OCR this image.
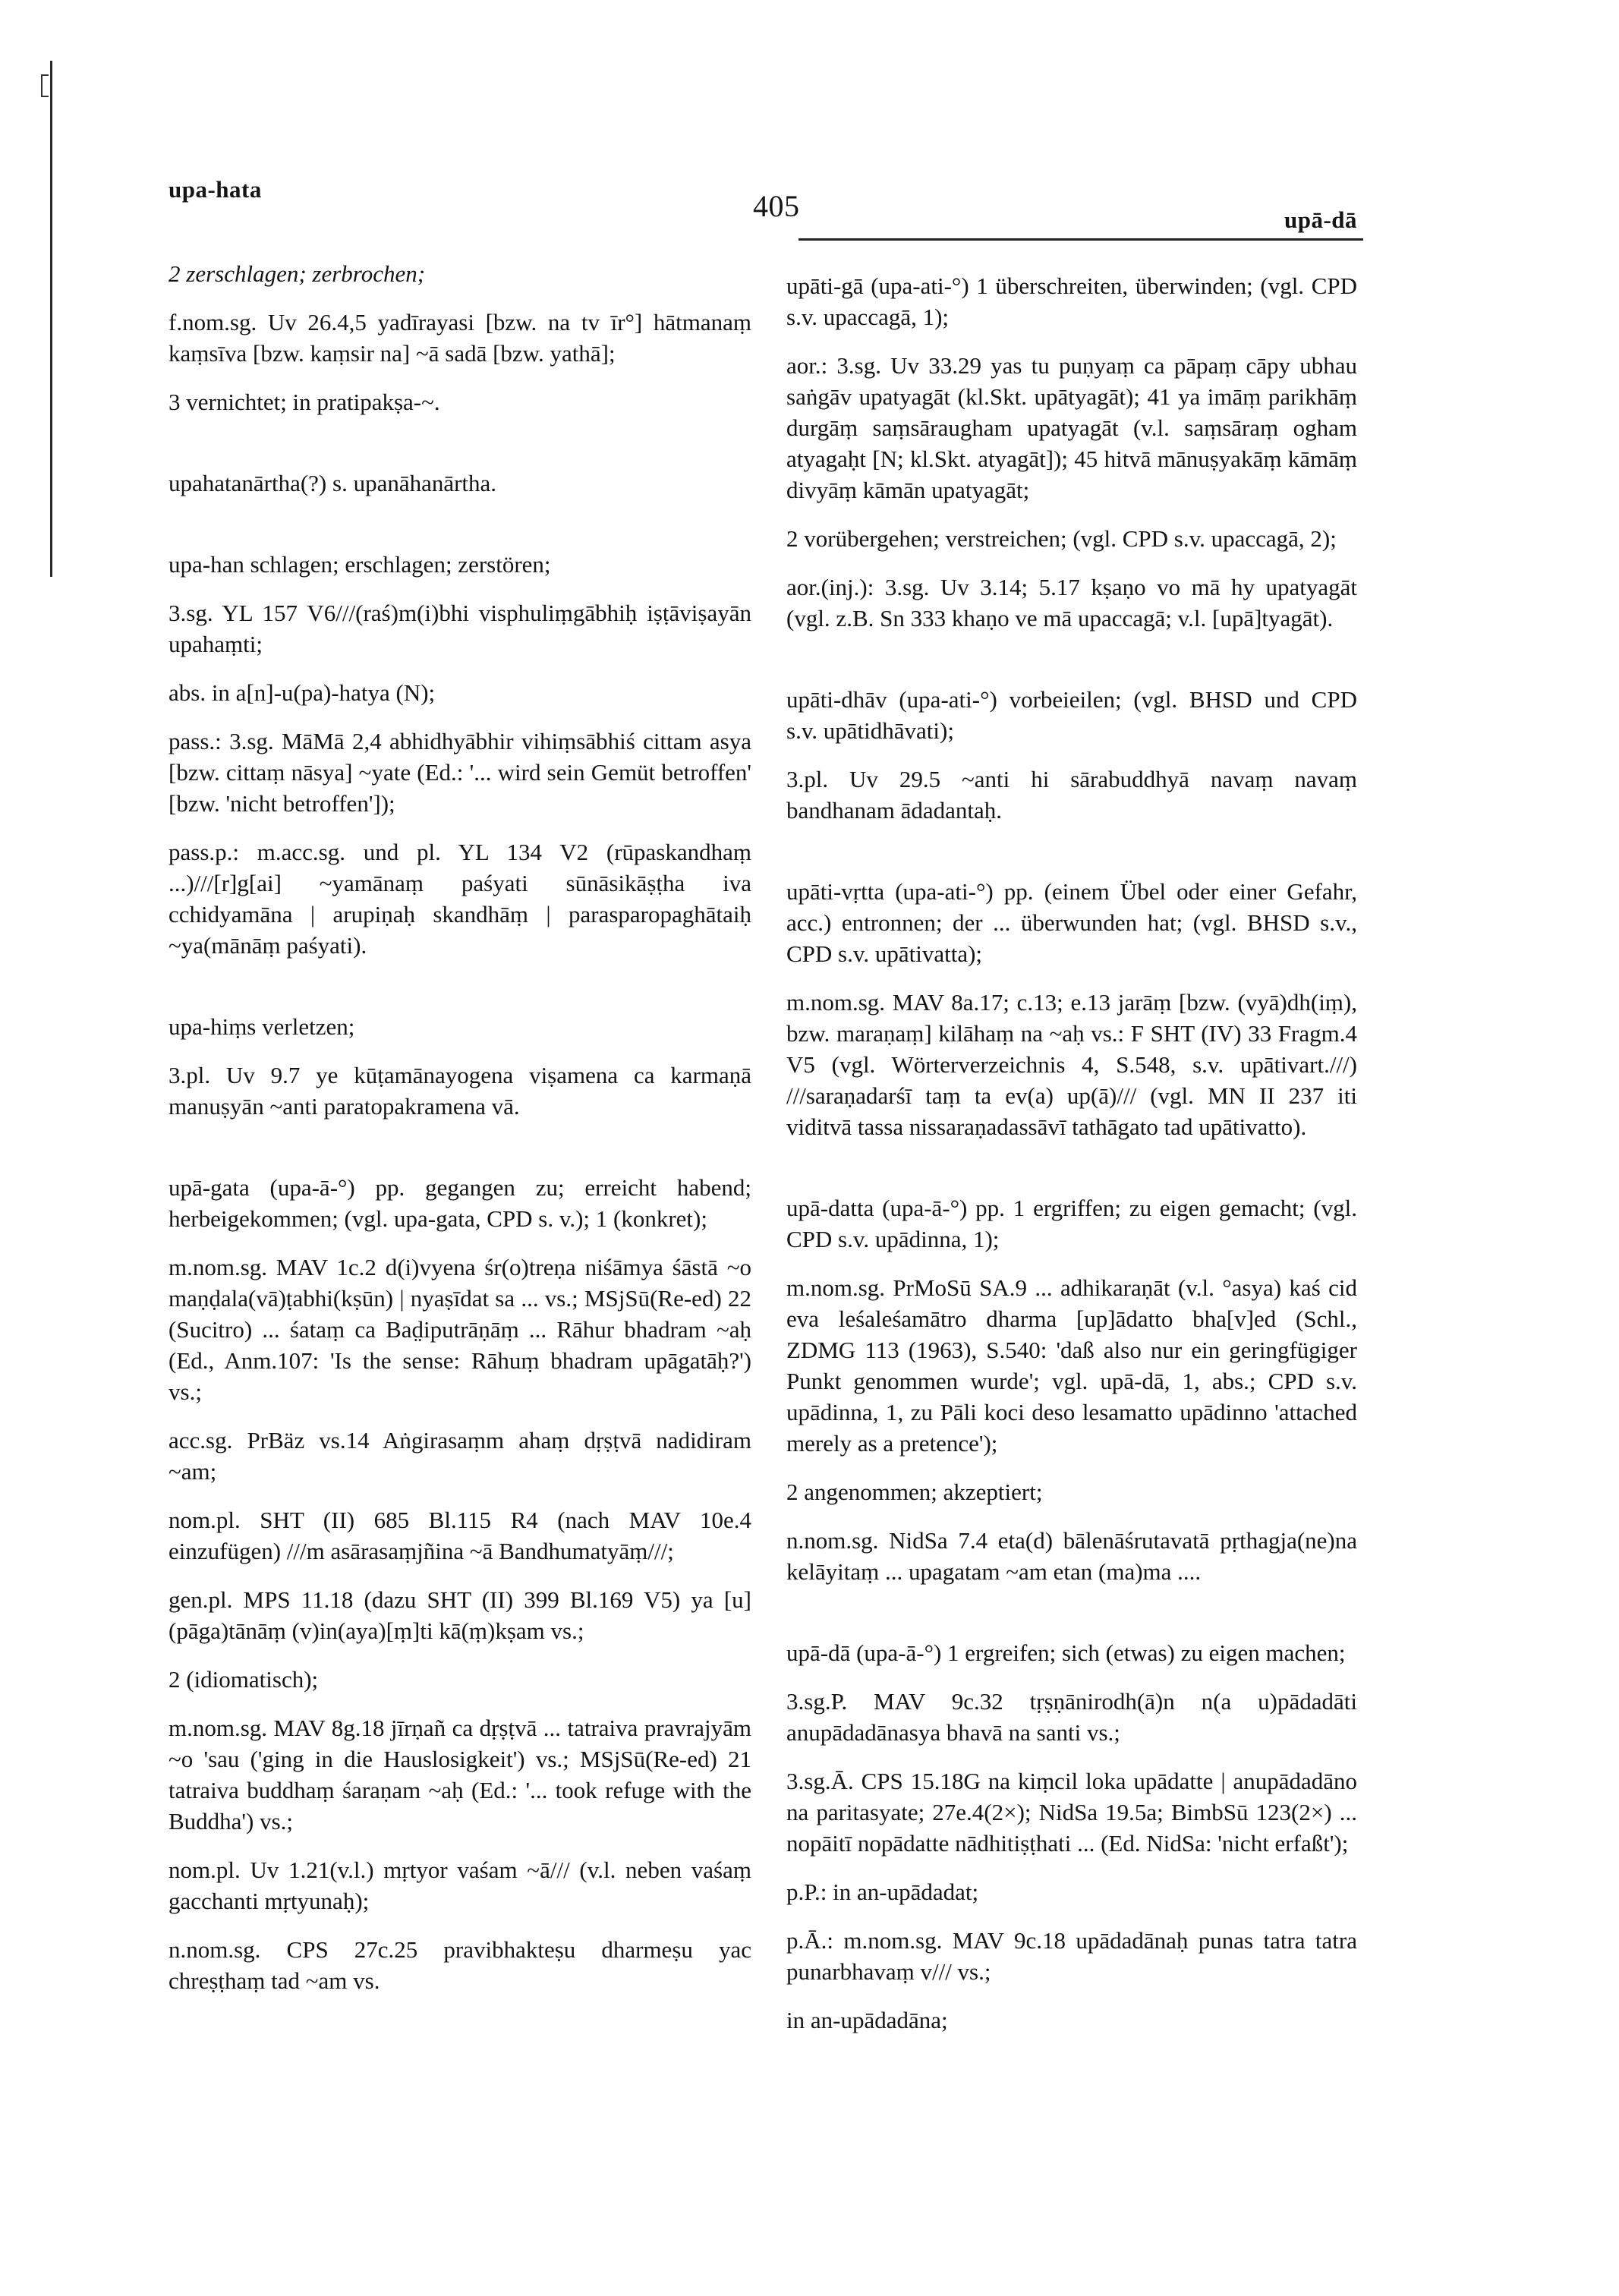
upa-hata	405	upā-dā

2 zerschlagen; zerbrochen;

f.nom.sg. Uv 26.4,5 yadīrayasi [bzw. na tv īr°] hātmanaṃ kaṃsīva [bzw. kaṃsir na] ~ā sadā [bzw. yathā];

3 vernichtet; in pratipakṣa-~.

upahatanārtha(?) s. upanāhanārtha.

upa-han schlagen; erschlagen; zerstören;

3.sg. YL 157 V6///(raś)m(i)bhi visphuliṃgābhiḥ iṣṭāviṣayān upahaṃti;

abs. in a[n]-u(pa)-hatya (N);

pass.: 3.sg. MāMā 2,4 abhidhyābhir vihiṃsābhiś cittam asya [bzw. cittaṃ nāsya] ~yate (Ed.: '... wird sein Gemüt betroffen' [bzw. 'nicht betroffen']);

pass.p.: m.acc.sg. und pl. YL 134 V2 (rūpaskandhaṃ ...)///[r]g[ai] ~yamānaṃ paśyati sūnāsikāṣṭha iva cchidyamāna | arupiṇaḥ skandhāṃ | parasparopaghātaiḥ ~ya(mānāṃ paśyati).

upa-hiṃs verletzen;

3.pl. Uv 9.7 ye kūṭamānayogena viṣamena ca karmaṇā manuṣyān ~anti paratopakramena vā.

upā-gata (upa-ā-°) pp. gegangen zu; erreicht habend; herbeigekommen; (vgl. upa-gata, CPD s. v.); 1 (konkret);

m.nom.sg. MAV 1c.2 d(i)vyena śr(o)treṇa niśāmya śāstā ~o maṇḍala(vā)ṭabhi(kṣūn) | nyaṣīdat sa ... vs.; MSjSū(Re-ed) 22 (Sucitro) ... śataṃ ca Bad̤iputrāṇāṃ ... Rāhur bhadram ~aḥ (Ed., Anm.107: 'Is the sense: Rāhuṃ bhadram upāgatāḥ?') vs.;

acc.sg. PrBäz vs.14 Aṅgirasaṃm ahaṃ dṛṣṭvā nadidiram ~am;

nom.pl. SHT (II) 685 Bl.115 R4 (nach MAV 10e.4 einzufügen) ///m asārasaṃjñina ~ā Bandhumatyāṃ///;

gen.pl. MPS 11.18 (dazu SHT (II) 399 Bl.169 V5) ya [u](pāga)tānāṃ (v)in(aya)[ṃ]ti kā(ṃ)kṣam vs.;

2 (idiomatisch);

m.nom.sg. MAV 8g.18 jīrṇañ ca dṛṣṭvā ... tatraiva pravrajyām ~o 'sau ('ging in die Hauslosigkeit') vs.; MSjSū(Re-ed) 21 tatraiva buddhaṃ śaraṇam ~aḥ (Ed.: '... took refuge with the Buddha') vs.;

nom.pl. Uv 1.21(v.l.) mṛtyor vaśam ~ā/// (v.l. neben vaśaṃ gacchanti mṛtyunaḥ);

n.nom.sg. CPS 27c.25 pravibhakteṣu dharmeṣu yac chreṣṭhaṃ tad ~am vs.

upāti-gā (upa-ati-°) 1 überschreiten, überwinden; (vgl. CPD s.v. upaccagā, 1);

aor.: 3.sg. Uv 33.29 yas tu puṇyaṃ ca pāpaṃ cāpy ubhau saṅgāv upatyagāt (kl.Skt. upātyagāt); 41 ya imāṃ parikhāṃ durgāṃ saṃsāraugham upatyagāt (v.l. saṃsāraṃ ogham atyagaḥt [N; kl.Skt. atyagāt]); 45 hitvā mānuṣyakāṃ kāmāṃ divyāṃ kāmān upatyagāt;

2 vorübergehen; verstreichen; (vgl. CPD s.v. upaccagā, 2);

aor.(inj.): 3.sg. Uv 3.14; 5.17 kṣaṇo vo mā hy upatyagāt (vgl. z.B. Sn 333 khaṇo ve mā upaccagā; v.l. [upā]tyagāt).

upāti-dhāv (upa-ati-°) vorbeieilen; (vgl. BHSD und CPD s.v. upātidhāvati);

3.pl. Uv 29.5 ~anti hi sārabuddhyā navaṃ navaṃ bandhanam ādadantaḥ.

upāti-vṛtta (upa-ati-°) pp. (einem Übel oder einer Gefahr, acc.) entronnen; der ... überwunden hat; (vgl. BHSD s.v., CPD s.v. upātivatta);

m.nom.sg. MAV 8a.17; c.13; e.13 jarāṃ [bzw. (vyā)dh(iṃ), bzw. maraṇaṃ] kilāhaṃ na ~aḥ vs.: F SHT (IV) 33 Fragm.4 V5 (vgl. Wörterverzeichnis 4, S.548, s.v. upātivart.///) ///saraṇadarśī taṃ ta ev(a) up(ā)/// (vgl. MN II 237 iti viditvā tassa nissaraṇadassāvī tathāgato tad upātivatto).

upā-datta (upa-ā-°) pp. 1 ergriffen; zu eigen gemacht; (vgl. CPD s.v. upādinna, 1);

m.nom.sg. PrMoSū SA.9 ... adhikaraṇāt (v.l. °asya) kaś cid eva leśaleśamātro dharma [up]ādatto bha[v]ed (Schl., ZDMG 113 (1963), S.540: 'daß also nur ein geringfügiger Punkt genommen wurde'; vgl. upā-dā, 1, abs.; CPD s.v. upādinna, 1, zu Pāli koci deso lesamatto upādinno 'attached merely as a pretence');

2 angenommen; akzeptiert;

n.nom.sg. NidSa 7.4 eta(d) bālenāśrutavatā pṛthagja(ne)na kelāyitaṃ ... upagatam ~am etan (ma)ma ....

upā-dā (upa-ā-°) 1 ergreifen; sich (etwas) zu eigen machen;

3.sg.P. MAV 9c.32 tṛṣṇānirodh(ā)n n(a u)pādadāti anupādadānasya bhavā na santi vs.;

3.sg.Ā. CPS 15.18G na kiṃcil loka upādatte | anupādadāno na paritasyate; 27e.4(2×); NidSa 19.5a; BimbSū 123(2×) ... nopāitī nopādatte nādhitiṣṭhati ... (Ed. NidSa: 'nicht erfaßt');

p.P.: in an-upādadat;

p.Ā.: m.nom.sg. MAV 9c.18 upādadānaḥ punas tatra tatra punarbhavaṃ v/// vs.;

in an-upādadāna;
